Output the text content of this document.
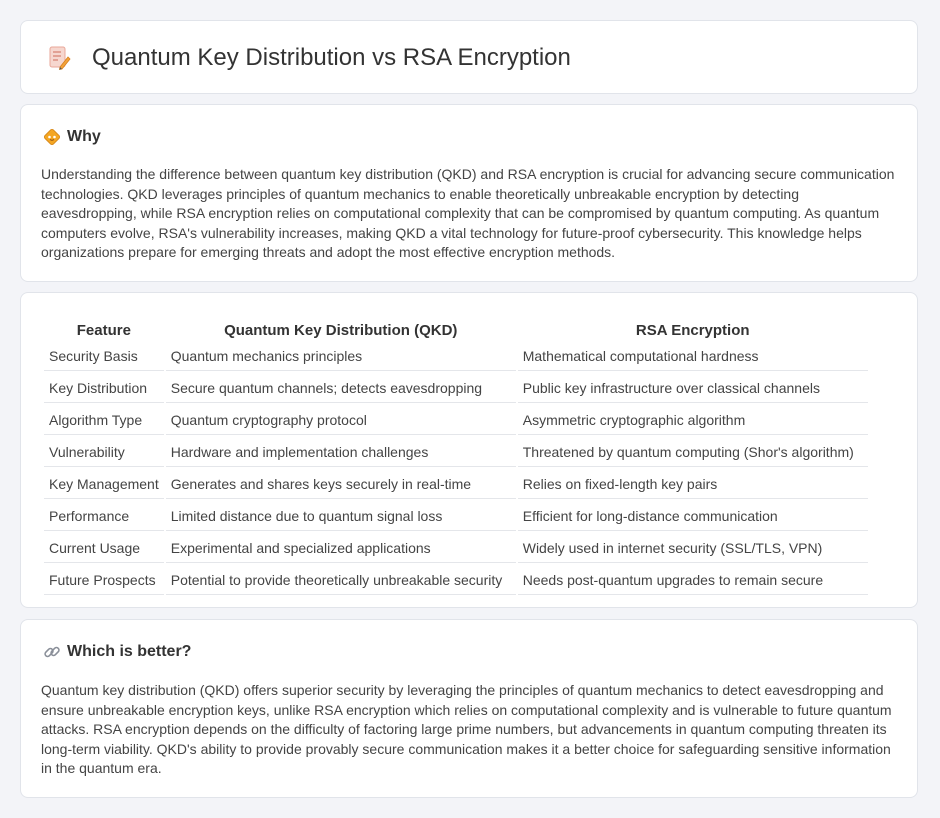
Quantum Key Distribution vs RSA Encryption
Why

Understanding the difference between quantum key distribution (QKD) and RSA encryption is crucial for advancing secure communication technologies. QKD leverages principles of quantum mechanics to enable theoretically unbreakable encryption by detecting eavesdropping, while RSA encryption relies on computational complexity that can be compromised by quantum computing. As quantum computers evolve, RSA's vulnerability increases, making QKD a vital technology for future-proof cybersecurity. This knowledge helps organizations prepare for emerging threats and adopt the most effective encryption methods.

Feature	Quantum Key Distribution (QKD)	RSA Encryption
Security Basis	Quantum mechanics principles	Mathematical computational hardness
Key Distribution	Secure quantum channels; detects eavesdropping	Public key infrastructure over classical channels
Algorithm Type	Quantum cryptography protocol	Asymmetric cryptographic algorithm
Vulnerability	Hardware and implementation challenges	Threatened by quantum computing (Shor's algorithm)
Key Management	Generates and shares keys securely in real-time	Relies on fixed-length key pairs
Performance	Limited distance due to quantum signal loss	Efficient for long-distance communication
Current Usage	Experimental and specialized applications	Widely used in internet security (SSL/TLS, VPN)
Future Prospects	Potential to provide theoretically unbreakable security	Needs post-quantum upgrades to remain secure
Which is better?

Quantum key distribution (QKD) offers superior security by leveraging the principles of quantum mechanics to detect eavesdropping and ensure unbreakable encryption keys, unlike RSA encryption which relies on computational complexity and is vulnerable to future quantum attacks. RSA encryption depends on the difficulty of factoring large prime numbers, but advancements in quantum computing threaten its long-term viability. QKD's ability to provide provably secure communication makes it a better choice for safeguarding sensitive information in the quantum era.
